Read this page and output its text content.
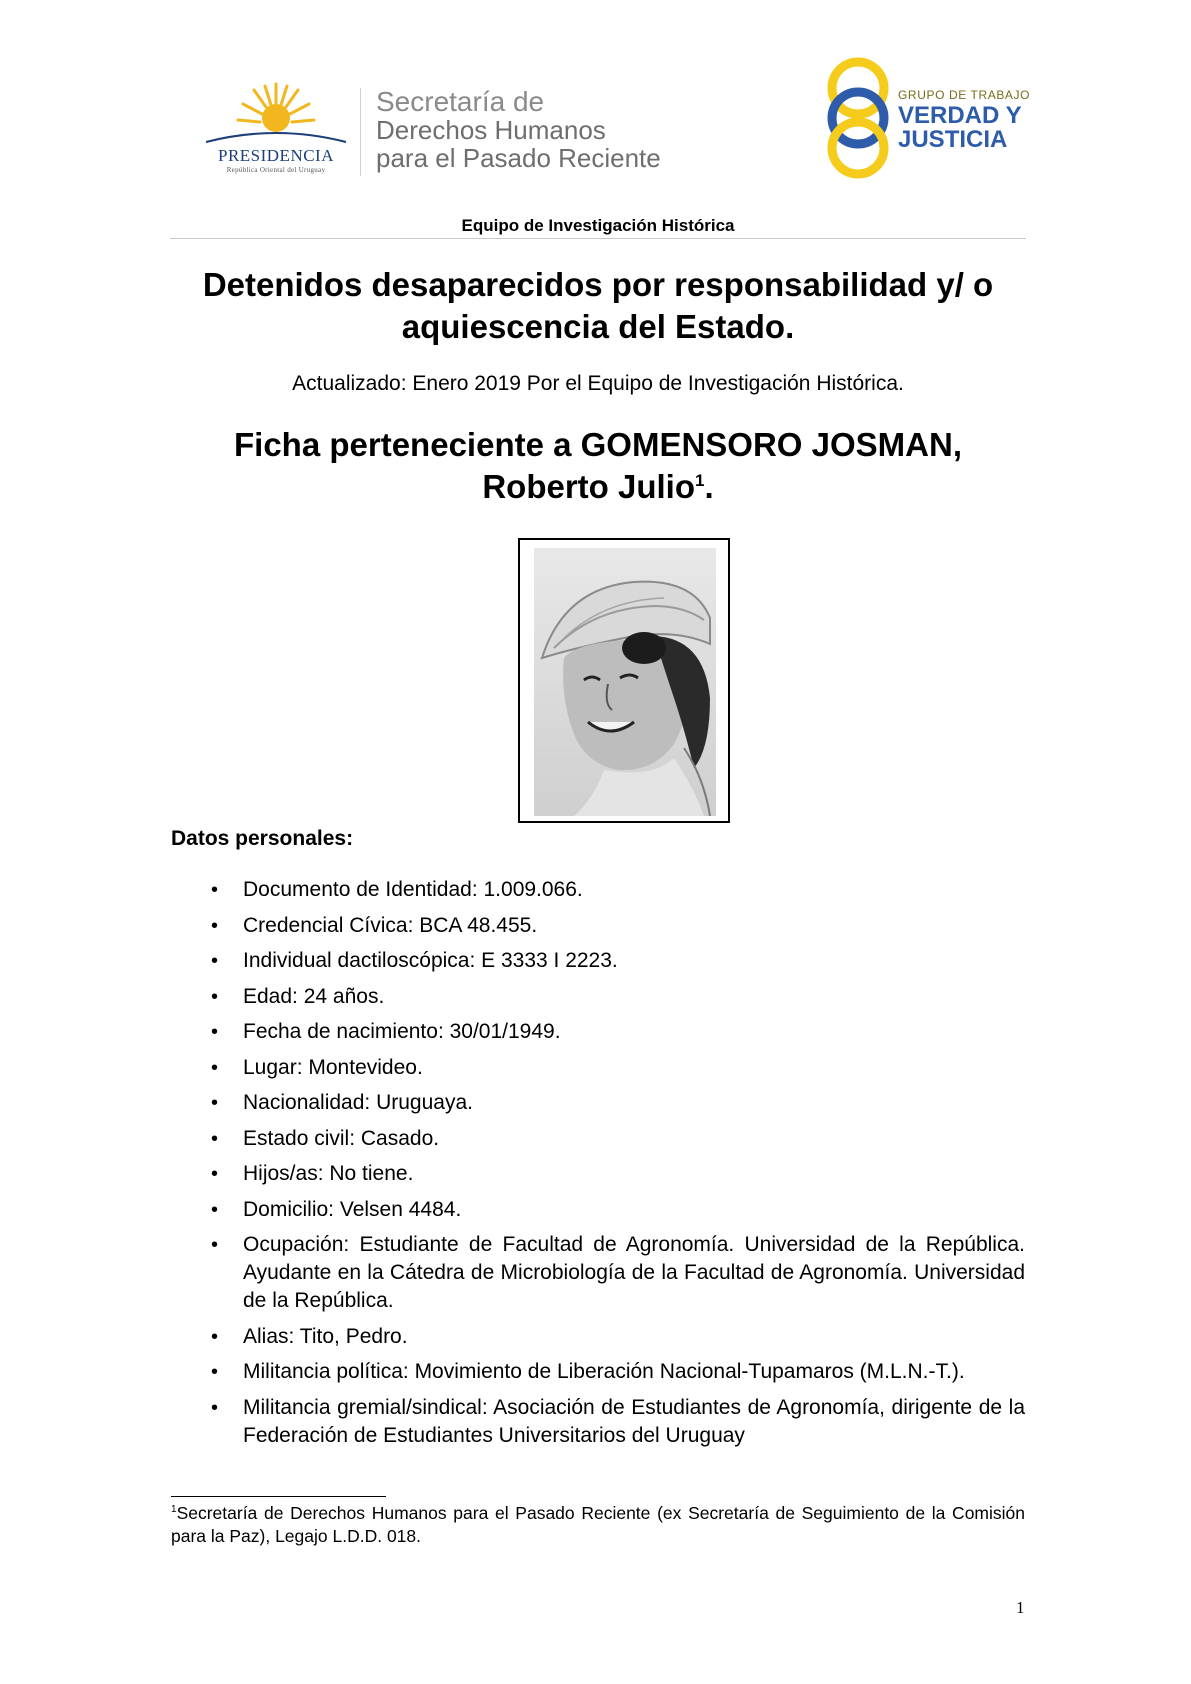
PRESIDENCIA
República Oriental del Uruguay
Secretaría de
Derechos Humanos
para el Pasado Reciente
GRUPO DE TRABAJO
VERDAD Y
JUSTICIA
Equipo de Investigación Histórica
Detenidos desaparecidos por responsabilidad y/ o aquiescencia del Estado.
Actualizado: Enero 2019 Por el Equipo de Investigación Histórica.
Ficha perteneciente a GOMENSORO JOSMAN, Roberto Julio$^1$.
Datos personales:
• Documento de Identidad: 1.009.066.
• Credencial Cívica: BCA 48.455.
• Individual dactiloscópica: E 3333 I 2223.
• Edad: 24 años.
• Fecha de nacimiento: 30/01/1949.
• Lugar: Montevideo.
• Nacionalidad: Uruguaya.
• Estado civil: Casado.
• Hijos/as: No tiene.
• Domicilio: Velsen 4484.
• Ocupación: Estudiante de Facultad de Agronomía. Universidad de la República. Ayudante en la Cátedra de Microbiología de la Facultad de Agronomía. Universidad de la República.
• Alias: Tito, Pedro.
• Militancia política: Movimiento de Liberación Nacional-Tupamaros (M.L.N.-T.).
• Militancia gremial/sindical: Asociación de Estudiantes de Agronomía, dirigente de la Federación de Estudiantes Universitarios del Uruguay
$^1$Secretaría de Derechos Humanos para el Pasado Reciente (ex Secretaría de Seguimiento de la Comisión para la Paz), Legajo L.D.D. 018.
1
